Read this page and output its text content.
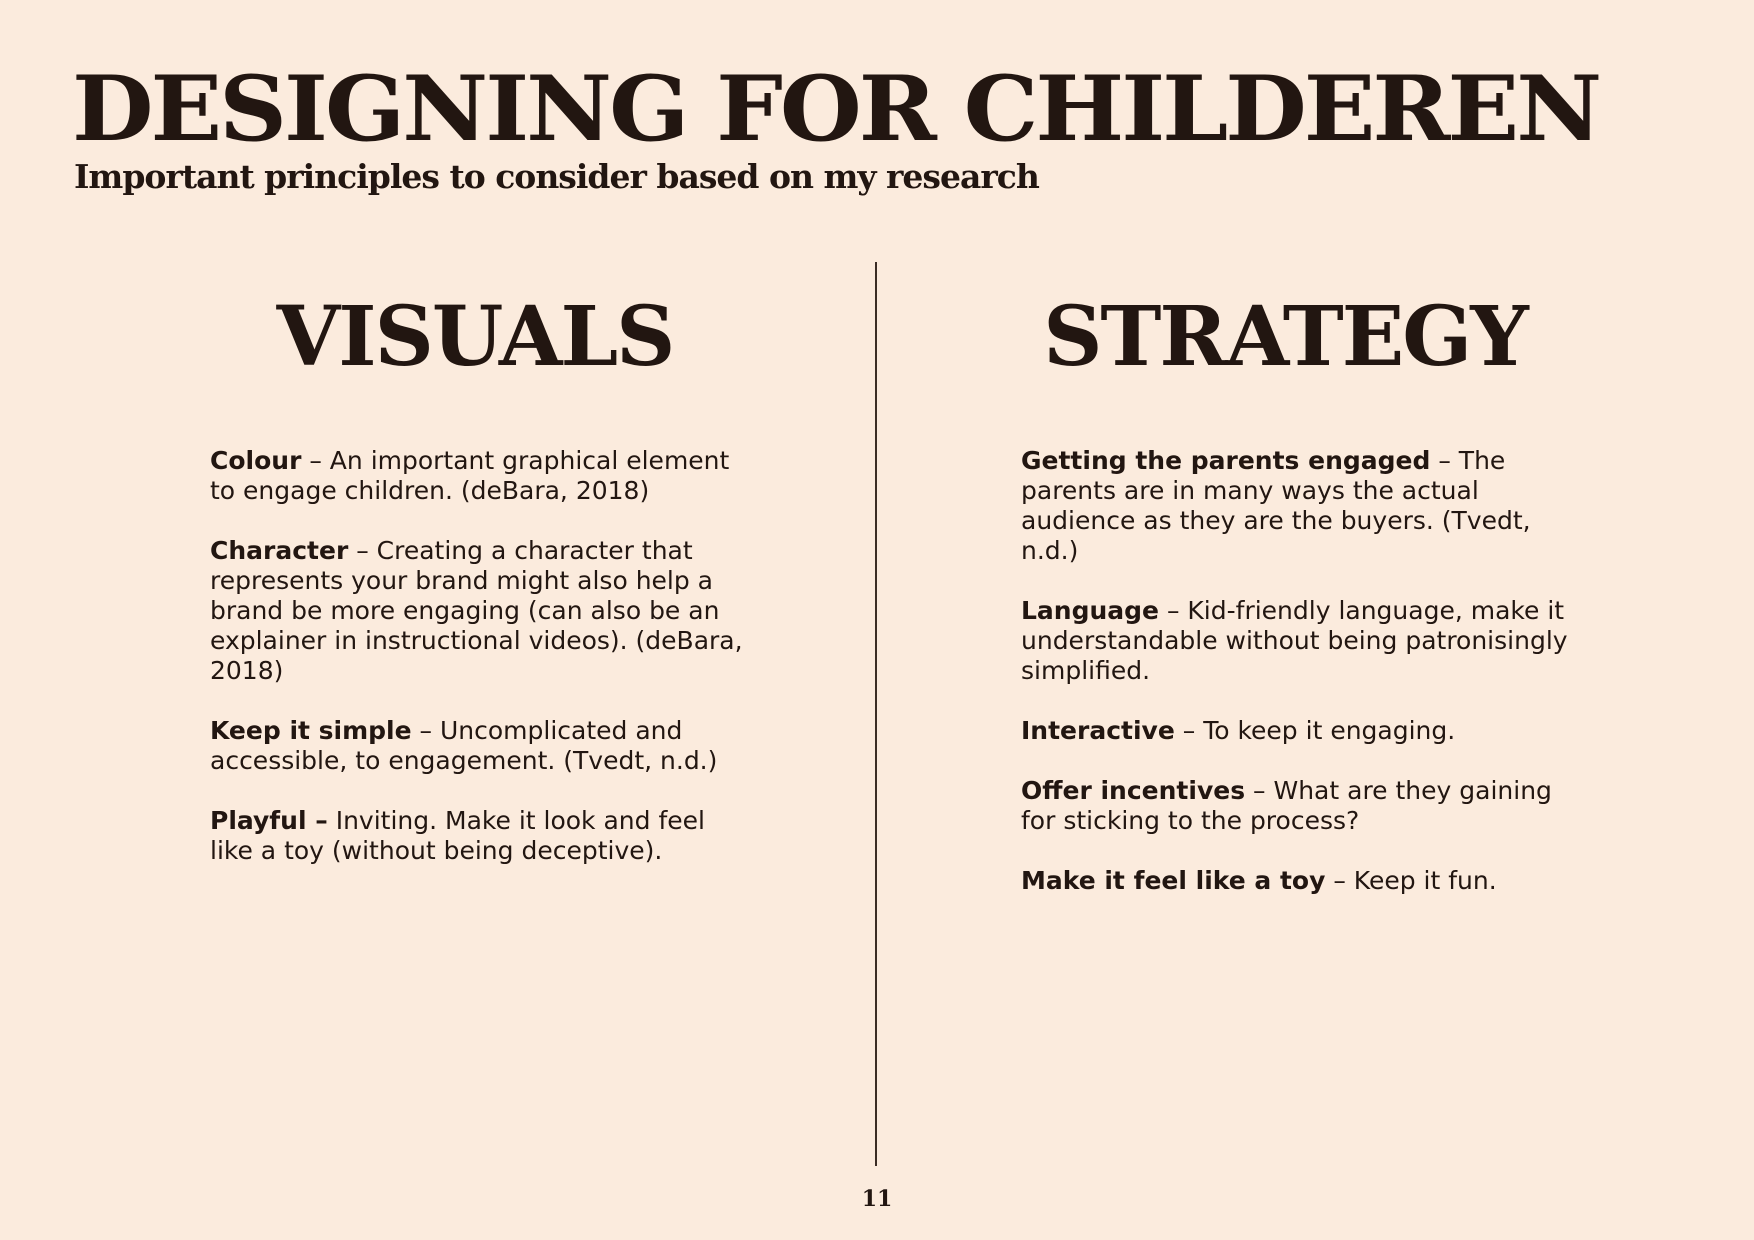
DESIGNING FOR CHILDEREN
Important principles to consider based on my research
VISUALS
Colour – An important graphical element to engage children. (deBara, 2018)
Character – Creating a character that represents your brand might also help a brand be more engaging (can also be an explainer in instructional videos). (deBara, 2018)
Keep it simple – Uncomplicated and accessible, to engagement. (Tvedt, n.d.)
Playful – Inviting. Make it look and feel like a toy (without being deceptive).
STRATEGY
Getting the parents engaged – The parents are in many ways the actual audience as they are the buyers. (Tvedt, n.d.)
Language – Kid-friendly language, make it understandable without being patronisingly simplified.
Interactive – To keep it engaging.
Offer incentives – What are they gaining for sticking to the process?
Make it feel like a toy – Keep it fun.
11
